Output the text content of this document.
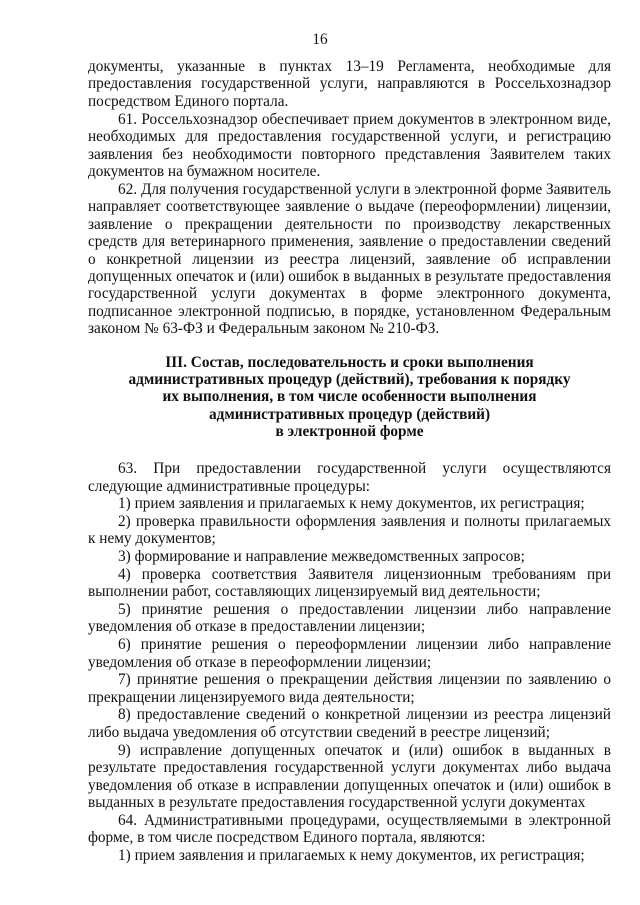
16

документы, указанные в пунктах 13–19 Регламента, необходимые для предоставления государственной услуги, направляются в Россельхознадзор посредством Единого портала.

61. Россельхознадзор обеспечивает прием документов в электронном виде, необходимых для предоставления государственной услуги, и регистрацию заявления без необходимости повторного представления Заявителем таких документов на бумажном носителе.

62. Для получения государственной услуги в электронной форме Заявитель направляет соответствующее заявление о выдаче (переоформлении) лицензии, заявление о прекращении деятельности по производству лекарственных средств для ветеринарного применения, заявление о предоставлении сведений о конкретной лицензии из реестра лицензий, заявление об исправлении допущенных опечаток и (или) ошибок в выданных в результате предоставления государственной услуги документах в форме электронного документа, подписанное электронной подписью, в порядке, установленном Федеральным законом № 63-ФЗ и Федеральным законом № 210-ФЗ.

III. Состав, последовательность и сроки выполнения
административных процедур (действий), требования к порядку
их выполнения, в том числе особенности выполнения
административных процедур (действий)
в электронной форме

63. При предоставлении государственной услуги осуществляются следующие административные процедуры:

1) прием заявления и прилагаемых к нему документов, их регистрация;

2) проверка правильности оформления заявления и полноты прилагаемых к нему документов;

3) формирование и направление межведомственных запросов;

4) проверка соответствия Заявителя лицензионным требованиям при выполнении работ, составляющих лицензируемый вид деятельности;

5) принятие решения о предоставлении лицензии либо направление уведомления об отказе в предоставлении лицензии;

6) принятие решения о переоформлении лицензии либо направление уведомления об отказе в переоформлении лицензии;

7) принятие решения о прекращении действия лицензии по заявлению о прекращении лицензируемого вида деятельности;

8) предоставление сведений о конкретной лицензии из реестра лицензий либо выдача уведомления об отсутствии сведений в реестре лицензий;

9) исправление допущенных опечаток и (или) ошибок в выданных в результате предоставления государственной услуги документах либо выдача уведомления об отказе в исправлении допущенных опечаток и (или) ошибок в выданных в результате предоставления государственной услуги документах

64. Административными процедурами, осуществляемыми в электронной форме, в том числе посредством Единого портала, являются:

1) прием заявления и прилагаемых к нему документов, их регистрация;
